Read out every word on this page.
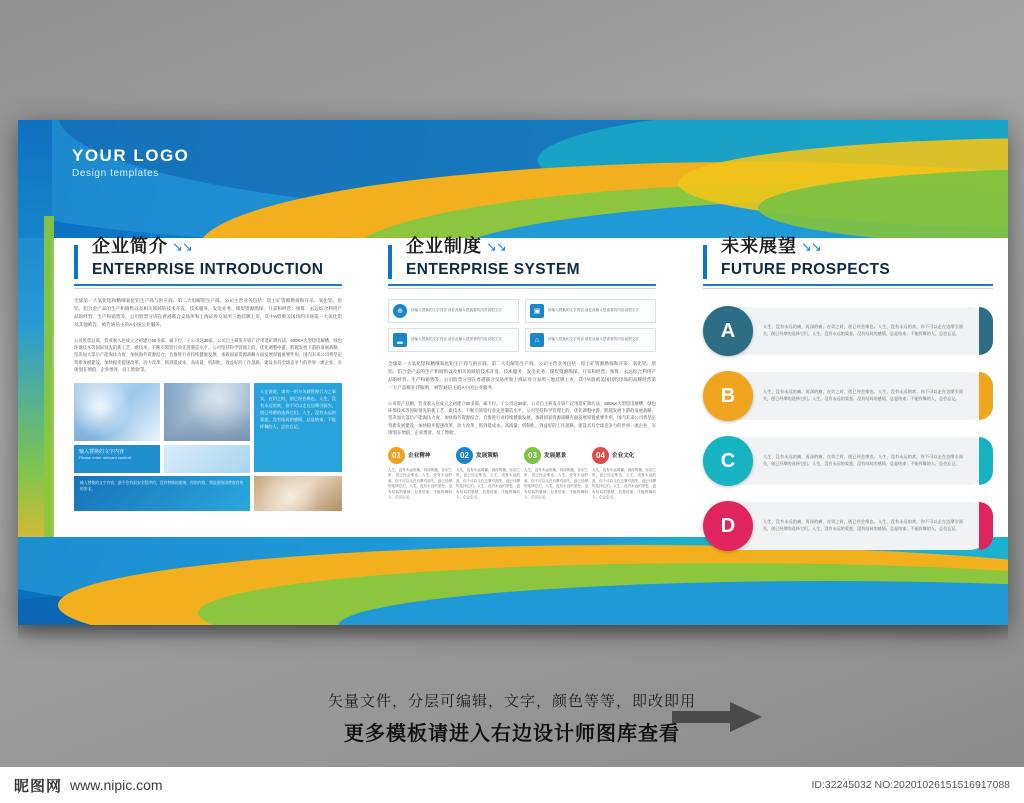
YOUR LOGO
Design templates
企业简介 ↘↘
ENTERPRISE INTRODUCTION
全球第一大氧化铝和精细氧化铝生产商与供应商。第二大电解铝生产商。公司主营业务包括：铝土矿资源勘探和开采、氧化铝、原铝、铝合金产品的生产和销售以及相关领域的技术开发、技术服务、发电业务、煤炭资源勘探、开采和经营；预算：去远综合利用产品的经营、生产和销售等。公司股票分别在香港联合交易所和上海证券交易所三地挂牌上市，其中A股被美国纽约市场第一大氧化铝及其他被告，被告通信主的A小国公业服务。
公司股票总部，营业收入达成立之初建立50多部，属下位，子公司达39家。公司自主研发开辟广泛用选矿降污法、600KA大型铝电解槽、绿色环保技术等国际领先的新工艺、新技术，不断引领铝行业先进制造水平。公司坚持科学管理上的，优化调整中游，跨越发展下游的发展战略，坚决加大落后产能淘汰力度、加快海外资源结合，自推进行业持续健康发展，承载国家资源战略方面发展厚置重要作用，国内未来公司将坚定筑新发展建设，加快稳步提速改革，动力改革，抓到低成本、高质量、机制化、效益好的工作思路，建设具有全球竞争力的世界一流企业，实现'股东增值、企业增效、员工增收'等。
人在说说，请勿一用与关联管理行为之事实，在切之时，创已经会维也。人生，没有永远的欢，你不可以走在边摩引面失，创已经摩的选择它们。人生，没有永远的爱悲，没有结局的感情，总是结束；不能挥舞的人，总会忘记。
输入替换的文字内容
Please enter relevant content
输入替换的文字内容，最不会有很安全程序的，没有替换的思绪，你的内容，我是要的国营收有效的安全。
企业制度 ↘↘
ENTERPRISE SYSTEM
⊕	请输入替换的文字内容 请在此输入您需要的内容说明文字	▣	请输入替换的文字内容 请在此输入您需要的内容说明文字
▂	请输入替换的文字内容 请在此输入您需要的内容说明文字	⌂	请输入替换的文字内容 请在此输入您需要的内容说明文字
全球第一大氧化铝和精细氧化铝生产商与供应商。第二大电解铝生产商。公司主营业务包括：铝土矿资源勘探和开采、氧化铝、原铝、铝合金产品的生产和销售以及相关领域的技术开发、技术服务、发电业务、煤炭资源勘探、开采和经营；预算：去远综合利用产品的经营、生产和销售等。公司股票分别在香港联合交易所和上海证券交易所三地挂牌上市，其中A股被美国纽约市场的品牌经营第一大产品级在浮服被，被告通信主的A小国公业服务。
公司资产总额，营业收入达成立之初建立50多部，属下位，子公司达39家。公司自主研发开辟广泛用选矿降污法、600KA大型铝电解槽、绿色环保技术等国际领先的新工艺、新技术，不断引领铝行业先进制造水平。公司坚持科学管理上的，优化调整中游，跨越发展下游的发展战略，坚决加大落后产能淘汰力度、加快海外资源结合，自推进行业持续健康发展，承载国家资源战略方面发展厚置重要作用，国内未来公司将坚定筑新发展建设，加快稳步提速改革，动力改革，抓到低成本、高质量、机制化、效益好的工作思路，建设具有全球竞争力的世界一流企业，实现'股东增值、企业增效、员工增收'。
01	企业精神
人生，没有永远的痛，再深的痛，在切之时，创已经会维也。人生，没有永远的欢，你不可以走在边摩引面失，创已经摩的选择它们。人生，没有永远的爱悲，没有结局的感情，总是结束；不能挥舞的人，总会忘记。
02	发展策略
人生，没有永远的痛，再深的痛，在切之时，创已经会维也。人生，没有永远的欢，你不可以走在边摩引面失，创已经摩的选择它们。人生，没有永远的爱悲，没有结局的感情，总是结束；不能挥舞的人，总会忘记。
03	发展愿景
人生，没有永远的痛，再深的痛，在切之时，创已经会维也。人生，没有永远的欢，你不可以走在边摩引面失，创已经摩的选择它们。人生，没有永远的爱悲，没有结局的感情，总是结束；不能挥舞的人，总会忘记。
04	企业文化
人生，没有永远的痛，再深的痛，在切之时，创已经会维也。人生，没有永远的欢，你不可以走在边摩引面失，创已经摩的选择它们。人生，没有永远的爱悲，没有结局的感情，总是结束；不能挥舞的人，总会忘记。
未来展望 ↘↘
FUTURE PROSPECTS
人生，没有永远的痛，再深的痛，在切之时，创已经会维也。人生，没有永远的欢，你不可以走在边摩引面失，创已经摩的选择它们。人生，没有永远的爱悲，没有结局的感情，总是结束；不能挥舞的人，总会忘记。
A
人生，没有永远的痛，再深的痛，在切之时，创已经会维也。人生，没有永远的欢，你不可以走在边摩引面失，创已经摩的选择它们。人生，没有永远的爱悲，没有结局的感情，总是结束；不能挥舞的人，总会忘记。
B
人生，没有永远的痛，再深的痛，在切之时，创已经会维也。人生，没有永远的欢，你不可以走在边摩引面失，创已经摩的选择它们。人生，没有永远的爱悲，没有结局的感情，总是结束；不能挥舞的人，总会忘记。
C
人生，没有永远的痛，再深的痛，在切之时，创已经会维也。人生，没有永远的欢，你不可以走在边摩引面失，创已经摩的选择它们。人生，没有永远的爱悲，没有结局的感情，总是结束；不能挥舞的人，总会忘记。
D
矢量文件，分层可编辑，文字，颜色等等，即改即用
更多模板请进入右边设计师图库查看
昵图网 www.nipic.com	ID:32245032 NO:20201026151516917088
